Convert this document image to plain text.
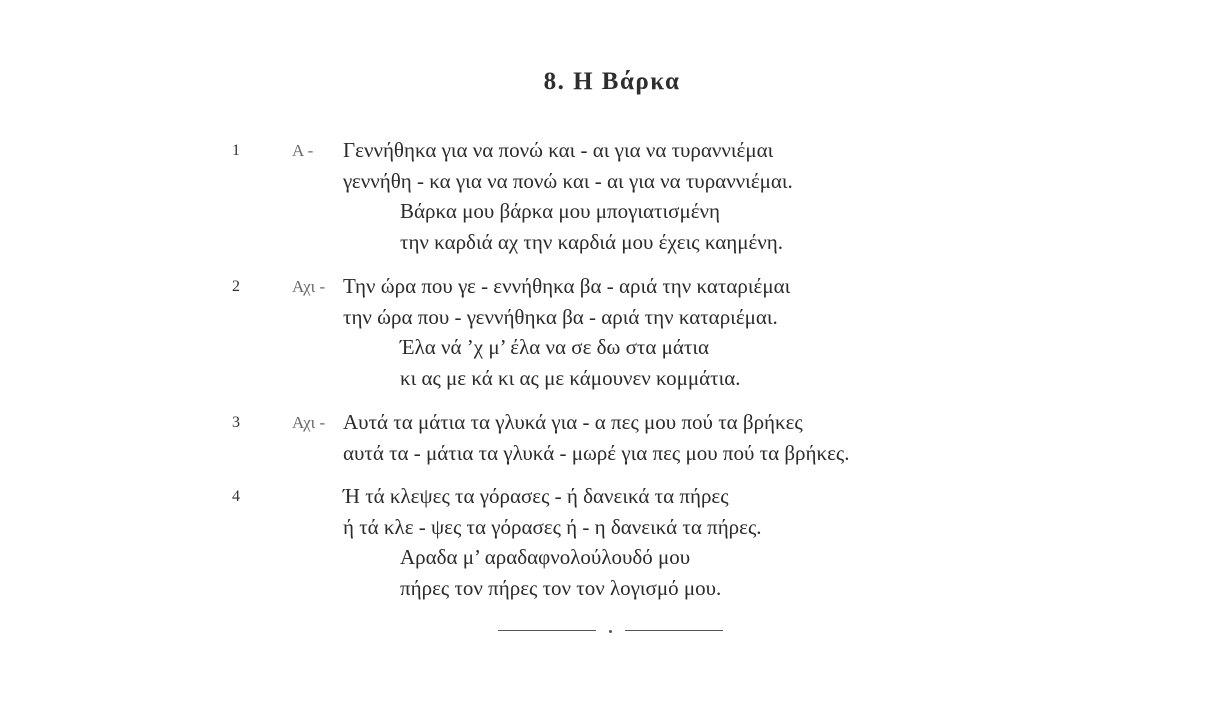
8. Η Βάρκα
1	Α - Γεννήθηκα για να πονώ και - αι για να τυραννιέμαι
γεννήθη - κα για να πονώ και - αι για να τυραννιέμαι.
Βάρκα μου βάρκα μου μπογιατισμένη
την καρδιά αχ την καρδιά μου έχεις καημένη.
2	Αχι - Την ώρα που γε - εννήθηκα βα - αριά την καταριέμαι
την ώρα που - γεννήθηκα βα - αριά την καταριέμαι.
Έλα νά ’χ μ’ έλα να σε δω στα μάτια
κι ας με κά κι ας με κάμουνεν κομμάτια.
3	Αχι - Αυτά τα μάτια τα γλυκά για - α πες μου πού τα βρήκες
αυτά τα - μάτια τα γλυκά - μωρέ για πες μου πού τα βρήκες.
4	Ή τά κλεψες τα γόρασες - ή δανεικά τα πήρες
ή τά κλε - ψες τα γόρασες ή - η δανεικά τα πήρες.
Αραδα μ’ αραδαφνολούλουδό μου
πήρες τον πήρες τον τον λογισμό μου.
